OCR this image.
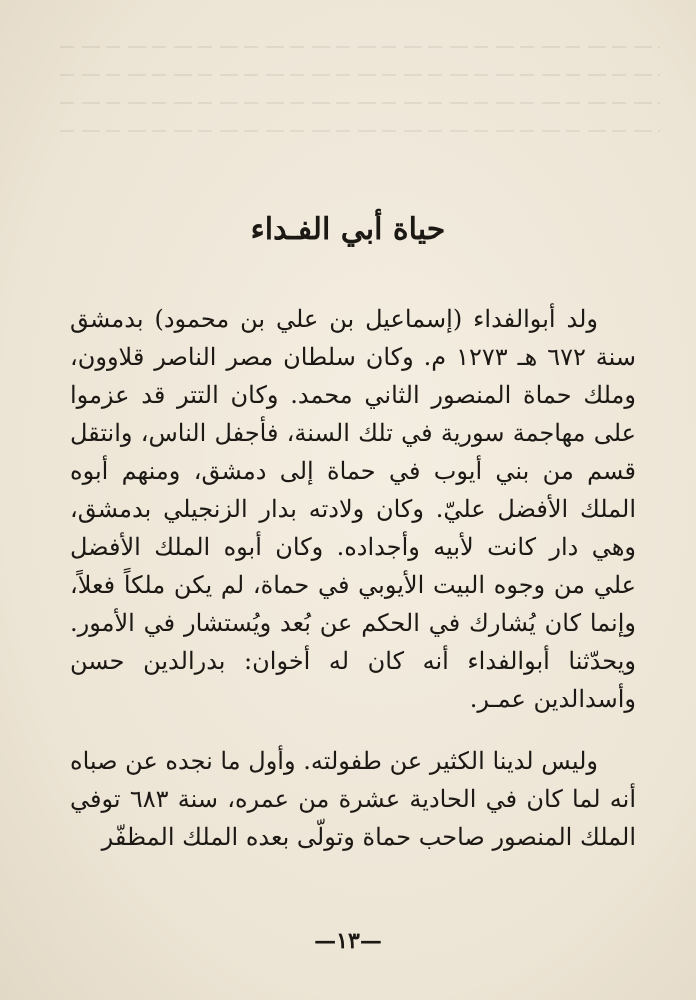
حياة أبي الفـداء

ولد أبوالفداء (إسماعيل بن علي بن محمود) بدمشق سنة ٦٧٢ هـ ١٢٧٣ م. وكان سلطان مصر الناصر قلاوون، وملك حماة المنصور الثاني محمد. وكان التتر قد عزموا على مهاجمة سورية في تلك السنة، فأجفل الناس، وانتقل قسم من بني أيوب في حماة إلى دمشق، ومنهم أبوه الملك الأفضل عليّ. وكان ولادته بدار الزنجيلي بدمشق، وهي دار كانت لأبيه وأجداده. وكان أبوه الملك الأفضل علي من وجوه البيت الأيوبي في حماة، لم يكن ملكاً فعلاً، وإنما كان يُشارك في الحكم عن بُعد ويُستشار في الأمور. ويحدّثنا أبوالفداء أنه كان له أخوان: بدرالدين حسن وأسدالدين عمـر.

وليس لدينا الكثير عن طفولته. وأول ما نجده عن صباه أنه لما كان في الحادية عشرة من عمره، سنة ٦٨٣ توفي الملك المنصور صاحب حماة وتولّى بعده الملك المظفّر

—١٣—
